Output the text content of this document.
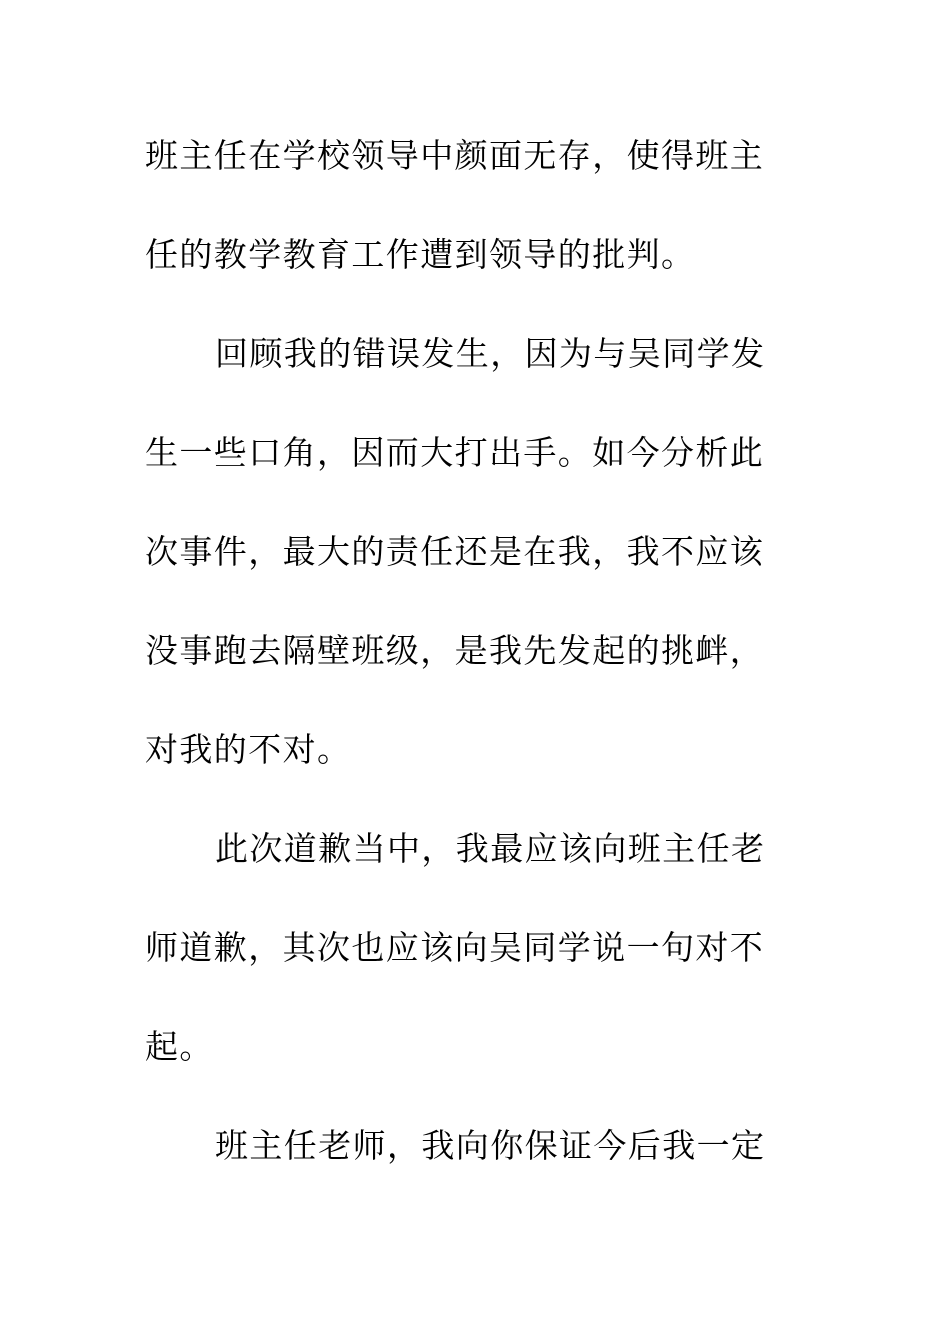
班主任在学校领导中颜面无存，使得班主
任的教学教育工作遭到领导的批判。
回顾我的错误发生，因为与吴同学发
生一些口角，因而大打出手。如今分析此
次事件，最大的责任还是在我，我不应该
没事跑去隔壁班级，是我先发起的挑衅，
对我的不对。
此次道歉当中，我最应该向班主任老
师道歉，其次也应该向吴同学说一句对不
起。
班主任老师，我向你保证今后我一定
